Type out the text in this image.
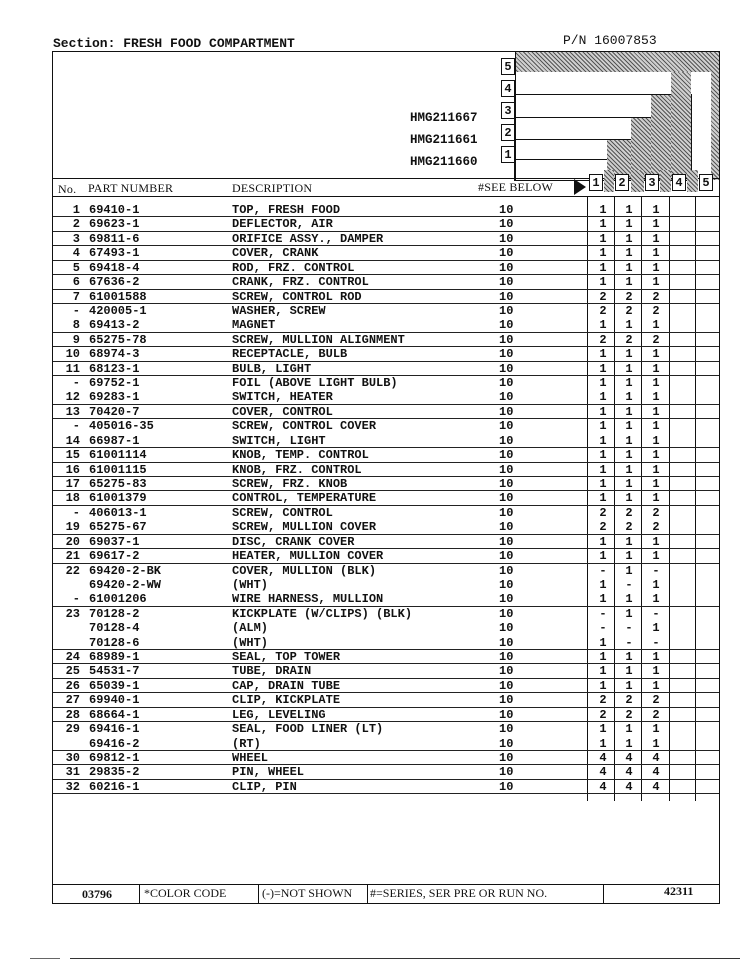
Section: FRESH FOOD COMPARTMENT	P/N 16007853
5
4
3
2
1
HMG211667
HMG211661
HMG211660
No. PART NUMBER	DESCRIPTION	#SEE BELOW	1 2 3 4 5
1 69410-1	TOP, FRESH FOOD	10	1 1 1
2 69623-1	DEFLECTOR, AIR	10	1 1 1
3 69811-6	ORIFICE ASSY., DAMPER	10	1 1 1
4 67493-1	COVER, CRANK	10	1 1 1
5 69418-4	ROD, FRZ. CONTROL	10	1 1 1
6 67636-2	CRANK, FRZ. CONTROL	10	1 1 1
7 61001588	SCREW, CONTROL ROD	10	2 2 2
- 420005-1	WASHER, SCREW	10	2 2 2
8 69413-2	MAGNET	10	1 1 1
9 65275-78	SCREW, MULLION ALIGNMENT	10	2 2 2
10 68974-3	RECEPTACLE, BULB	10	1 1 1
11 68123-1	BULB, LIGHT	10	1 1 1
- 69752-1	FOIL (ABOVE LIGHT BULB)	10	1 1 1
12 69283-1	SWITCH, HEATER	10	1 1 1
13 70420-7	COVER, CONTROL	10	1 1 1
- 405016-35	SCREW, CONTROL COVER	10	1 1 1
14 66987-1	SWITCH, LIGHT	10	1 1 1
15 61001114	KNOB, TEMP. CONTROL	10	1 1 1
16 61001115	KNOB, FRZ. CONTROL	10	1 1 1
17 65275-83	SCREW, FRZ. KNOB	10	1 1 1
18 61001379	CONTROL, TEMPERATURE	10	1 1 1
- 406013-1	SCREW, CONTROL	10	2 2 2
19 65275-67	SCREW, MULLION COVER	10	2 2 2
20 69037-1	DISC, CRANK COVER	10	1 1 1
21 69617-2	HEATER, MULLION COVER	10	1 1 1
22 69420-2-BK	COVER, MULLION (BLK)	10	- 1 -
69420-2-WW	(WHT)	10	1 - 1
- 61001206	WIRE HARNESS, MULLION	10	1 1 1
23 70128-2	KICKPLATE (W/CLIPS) (BLK)	10	- 1 -
70128-4	(ALM)	10	- - 1
70128-6	(WHT)	10	1 - -
24 68989-1	SEAL, TOP TOWER	10	1 1 1
25 54531-7	TUBE, DRAIN	10	1 1 1
26 65039-1	CAP, DRAIN TUBE	10	1 1 1
27 69940-1	CLIP, KICKPLATE	10	2 2 2
28 68664-1	LEG, LEVELING	10	2 2 2
29 69416-1	SEAL, FOOD LINER (LT)	10	1 1 1
69416-2	(RT)	10	1 1 1
30 69812-1	WHEEL	10	4 4 4
31 29835-2	PIN, WHEEL	10	4 4 4
32 60216-1	CLIP, PIN	10	4 4 4
03796	*COLOR CODE	(-)=NOT SHOWN #=SERIES, SER PRE OR RUN NO.	42311
